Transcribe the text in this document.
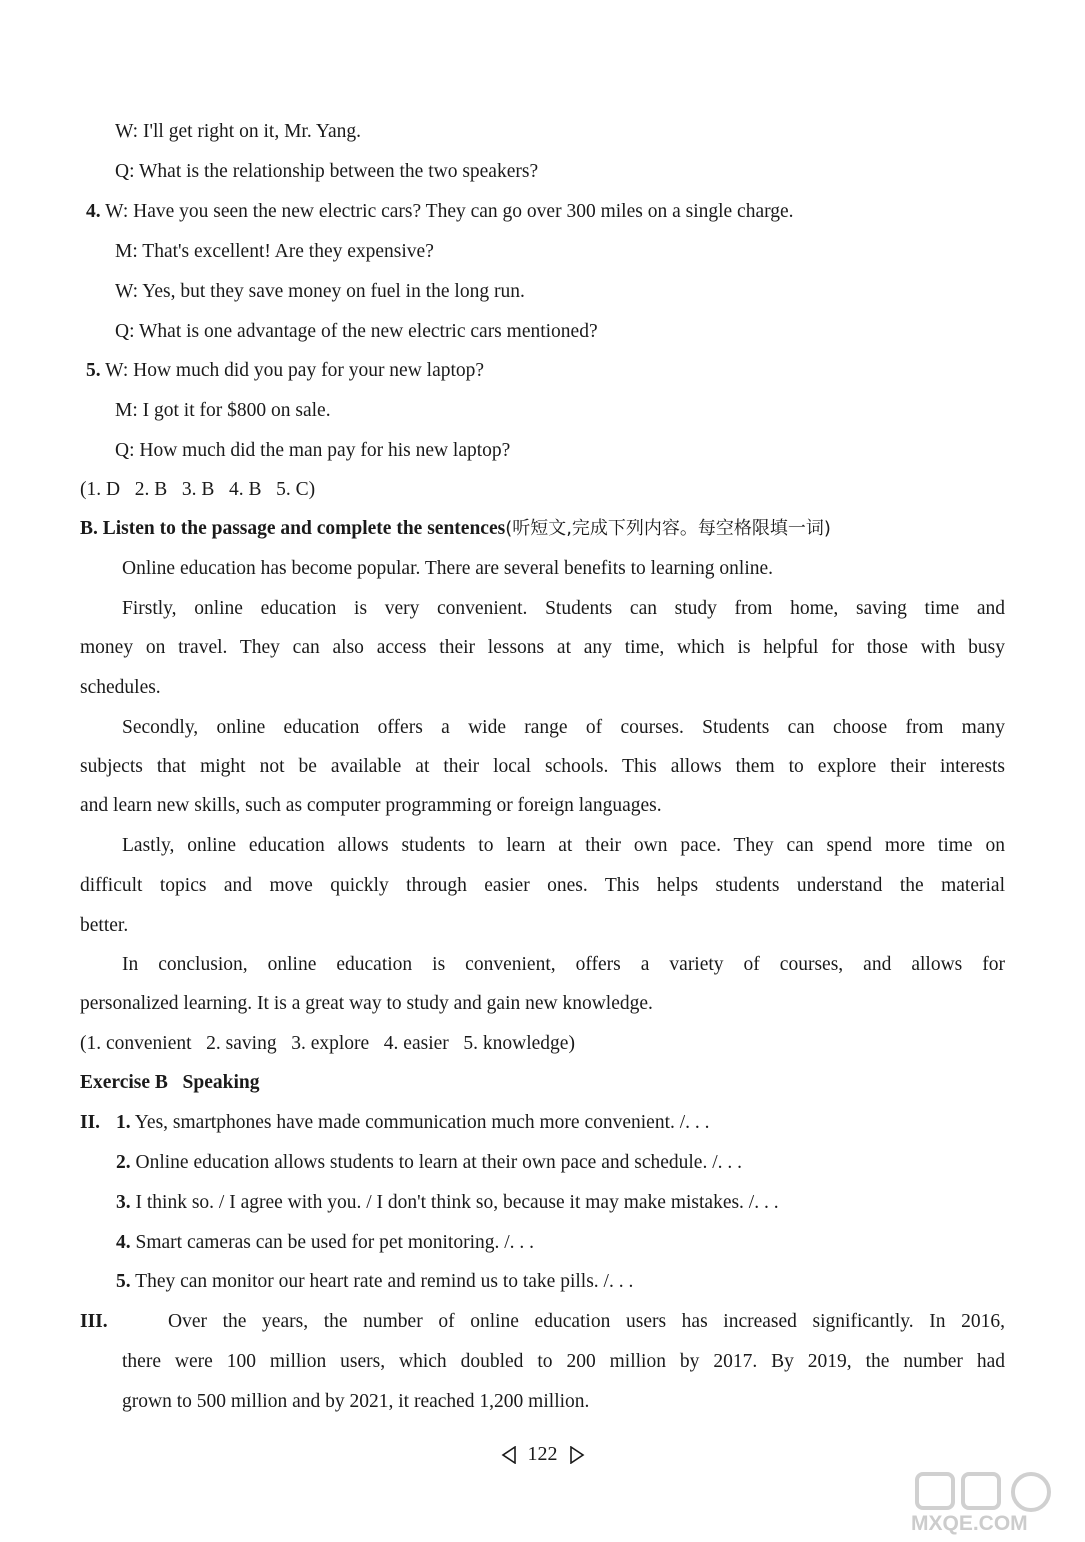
W: I'll get right on it, Mr. Yang.
Q: What is the relationship between the two speakers?
4. W: Have you seen the new electric cars? They can go over 300 miles on a single charge.
M: That's excellent! Are they expensive?
W: Yes, but they save money on fuel in the long run.
Q: What is one advantage of the new electric cars mentioned?
5. W: How much did you pay for your new laptop?
M: I got it for $800 on sale.
Q: How much did the man pay for his new laptop?
(1. D   2. B   3. B   4. B   5. C)
B. Listen to the passage and complete the sentences(听短文,完成下列内容。每空格限填一词)
Online education has become popular. There are several benefits to learning online.
Firstly, online education is very convenient. Students can study from home, saving time and
money on travel. They can also access their lessons at any time, which is helpful for those with busy
schedules.
Secondly, online education offers a wide range of courses. Students can choose from many
subjects that might not be available at their local schools. This allows them to explore their interests
and learn new skills, such as computer programming or foreign languages.
Lastly, online education allows students to learn at their own pace. They can spend more time on
difficult topics and move quickly through easier ones. This helps students understand the material
better.
In conclusion, online education is convenient, offers a variety of courses, and allows for
personalized learning. It is a great way to study and gain new knowledge.
(1. convenient   2. saving   3. explore   4. easier   5. knowledge)
Exercise B   Speaking
II. 1. Yes, smartphones have made communication much more convenient. /. . .
2. Online education allows students to learn at their own pace and schedule. /. . .
3. I think so. / I agree with you. / I don't think so, because it may make mistakes. /. . .
4. Smart cameras can be used for pet monitoring. /. . .
5. They can monitor our heart rate and remind us to take pills. /. . .
III.	Over the years, the number of online education users has increased significantly. In 2016,
there were 100 million users, which doubled to 200 million by 2017. By 2019, the number had
grown to 500 million and by 2021, it reached 1,200 million.
122
MXQE.COM
